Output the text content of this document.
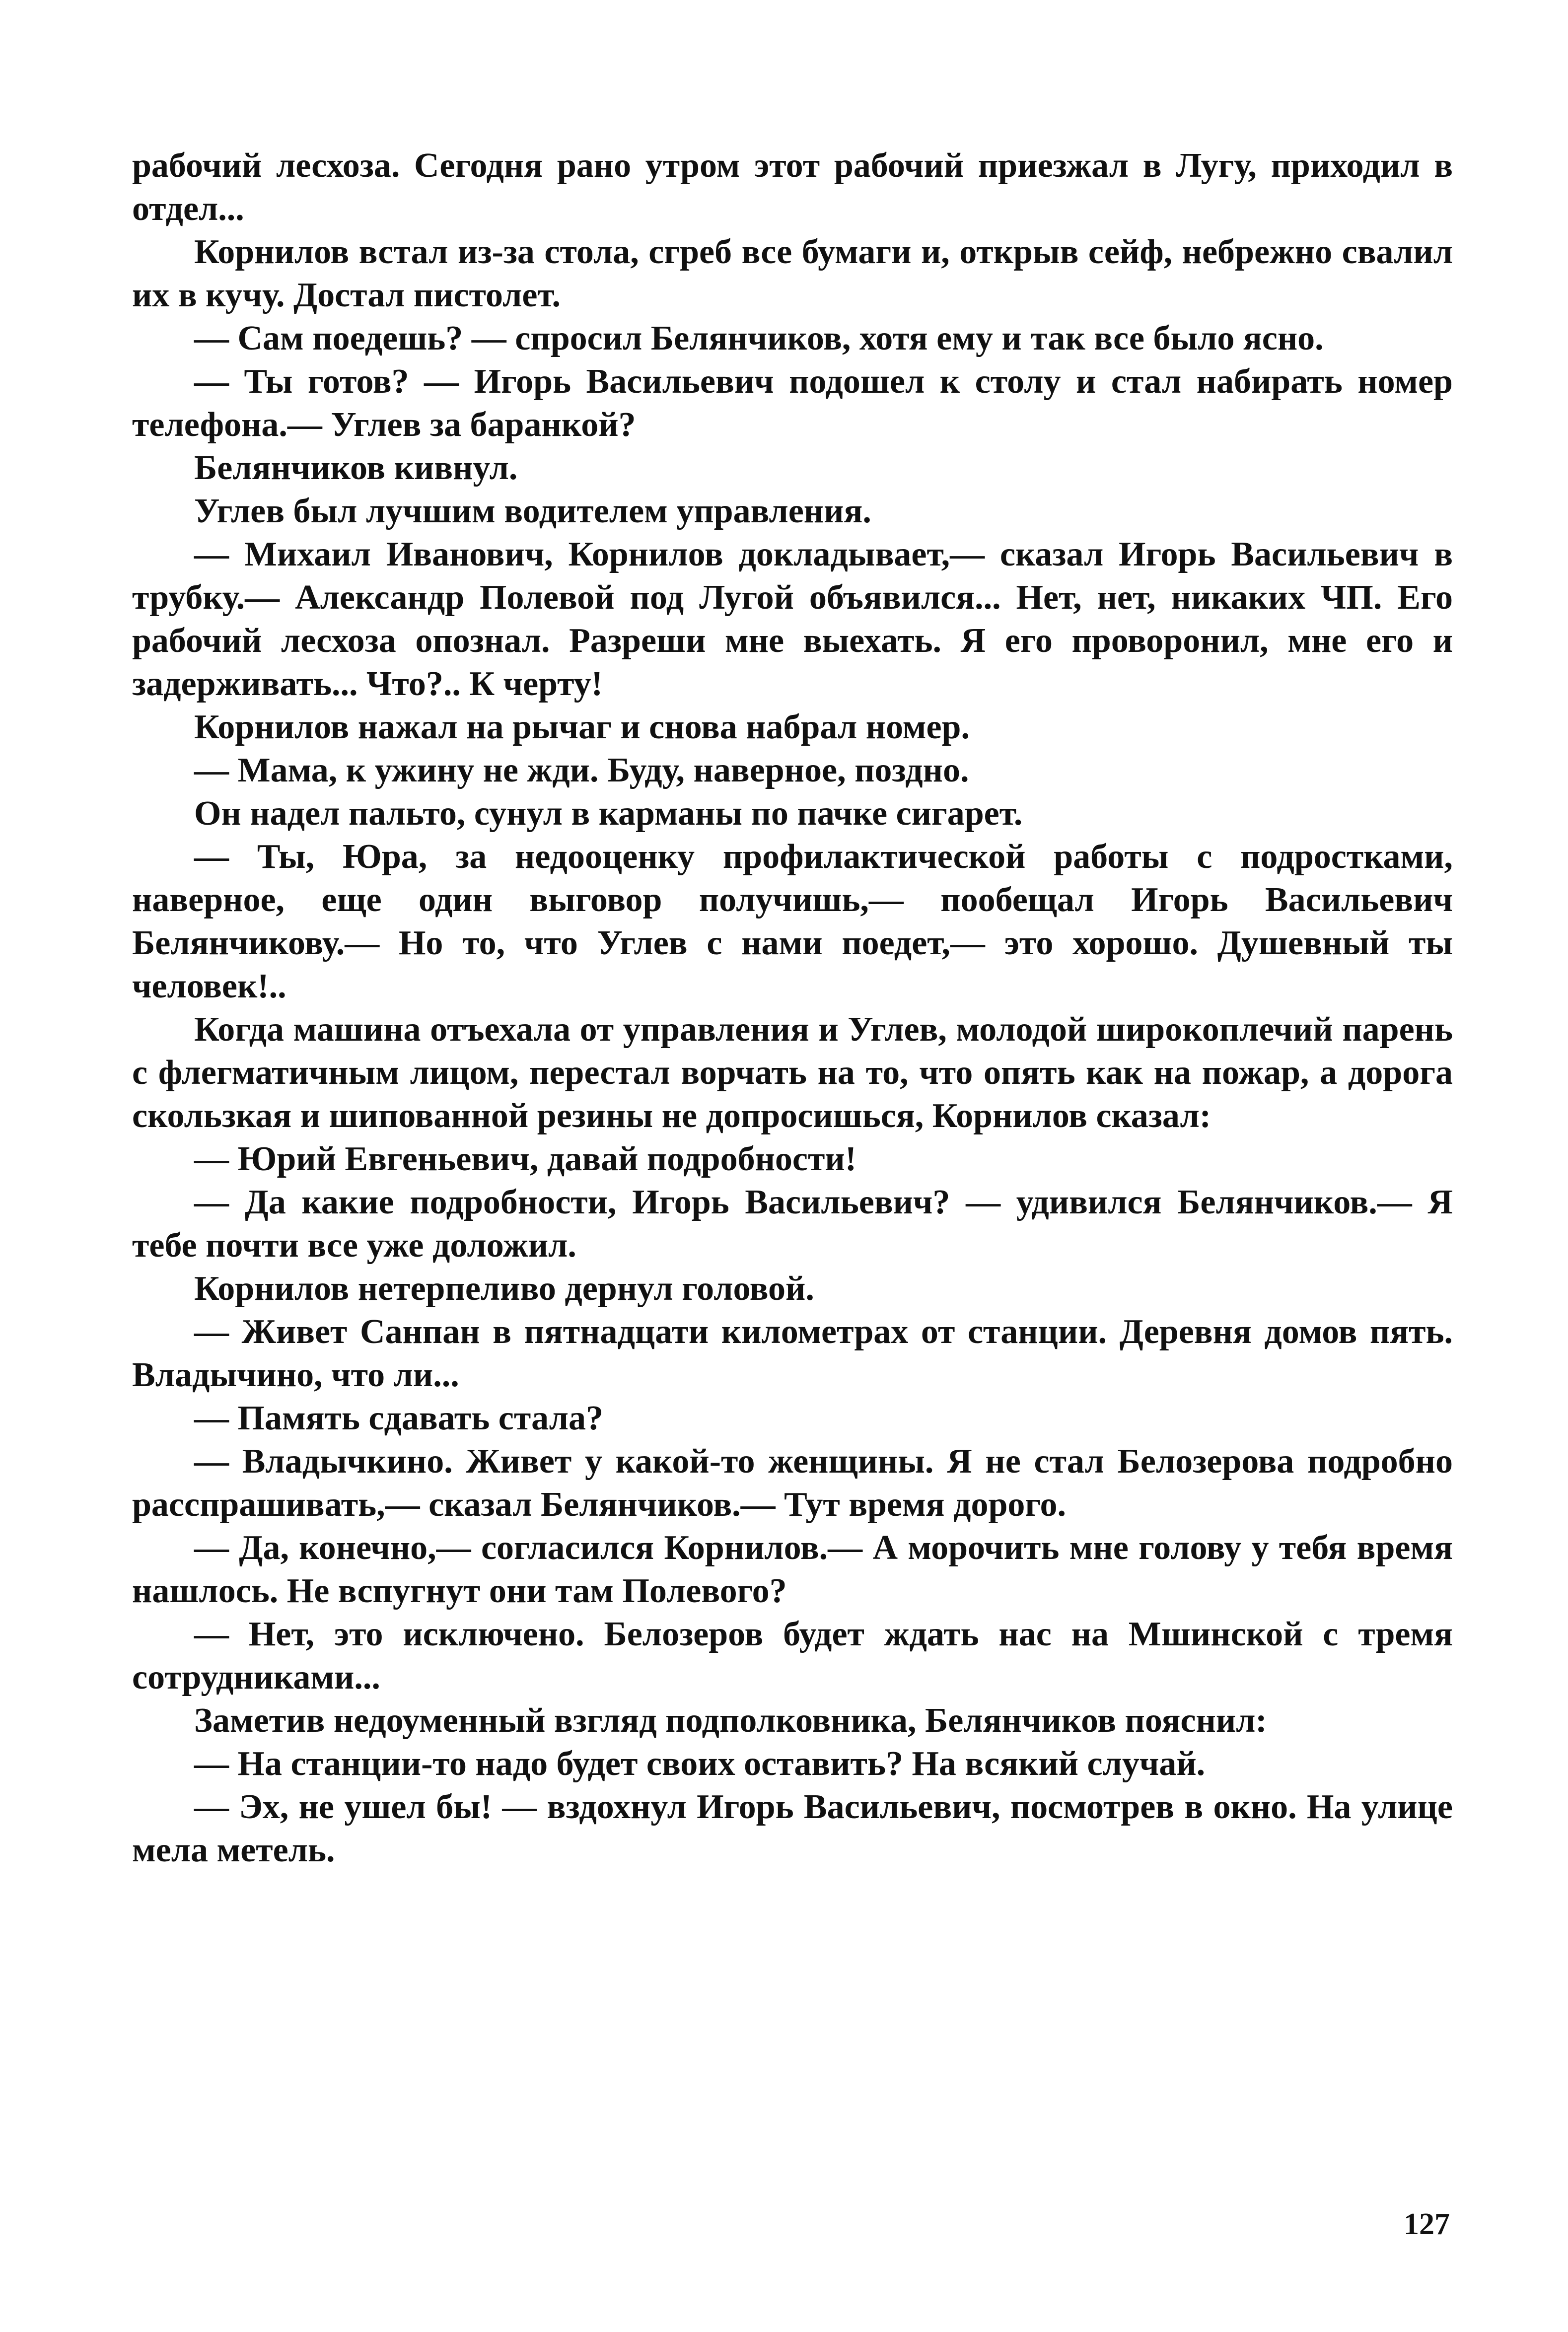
рабочий лесхоза. Сегодня рано утром этот рабочий приезжал в Лугу, приходил в отдел...

Корнилов встал из-за стола, сгреб все бумаги и, открыв сейф, небрежно свалил их в кучу. Достал пистолет.

— Сам поедешь? — спросил Белянчиков, хотя ему и так все было ясно.

— Ты готов? — Игорь Васильевич подошел к столу и стал набирать номер телефона.— Углев за баранкой?

Белянчиков кивнул.

Углев был лучшим водителем управления.

— Михаил Иванович, Корнилов докладывает,— сказал Игорь Васильевич в трубку.— Александр Полевой под Лугой объявился... Нет, нет, никаких ЧП. Его рабочий лесхоза опознал. Разреши мне выехать. Я его проворонил, мне его и задерживать... Что?.. К черту!

Корнилов нажал на рычаг и снова набрал номер.

— Мама, к ужину не жди. Буду, наверное, поздно.

Он надел пальто, сунул в карманы по пачке сигарет.

— Ты, Юра, за недооценку профилактической работы с подростками, наверное, еще один выговор получишь,— пообещал Игорь Васильевич Белянчикову.— Но то, что Углев с нами поедет,— это хорошо. Душевный ты человек!..

Когда машина отъехала от управления и Углев, молодой широкоплечий парень с флегматичным лицом, перестал ворчать на то, что опять как на пожар, а дорога скользкая и шипованной резины не допросишься, Корнилов сказал:

— Юрий Евгеньевич, давай подробности!

— Да какие подробности, Игорь Васильевич? — удивился Белянчиков.— Я тебе почти все уже доложил.

Корнилов нетерпеливо дернул головой.

— Живет Санпан в пятнадцати километрах от станции. Деревня домов пять. Владычино, что ли...

— Память сдавать стала?

— Владычкино. Живет у какой-то женщины. Я не стал Белозерова подробно расспрашивать,— сказал Белянчиков.— Тут время дорого.

— Да, конечно,— согласился Корнилов.— А морочить мне голову у тебя время нашлось. Не вспугнут они там Полевого?

— Нет, это исключено. Белозеров будет ждать нас на Мшинской с тремя сотрудниками...

Заметив недоуменный взгляд подполковника, Белянчиков пояснил:

— На станции-то надо будет своих оставить? На всякий случай.

— Эх, не ушел бы! — вздохнул Игорь Васильевич, посмотрев в окно. На улице мела метель.

127
